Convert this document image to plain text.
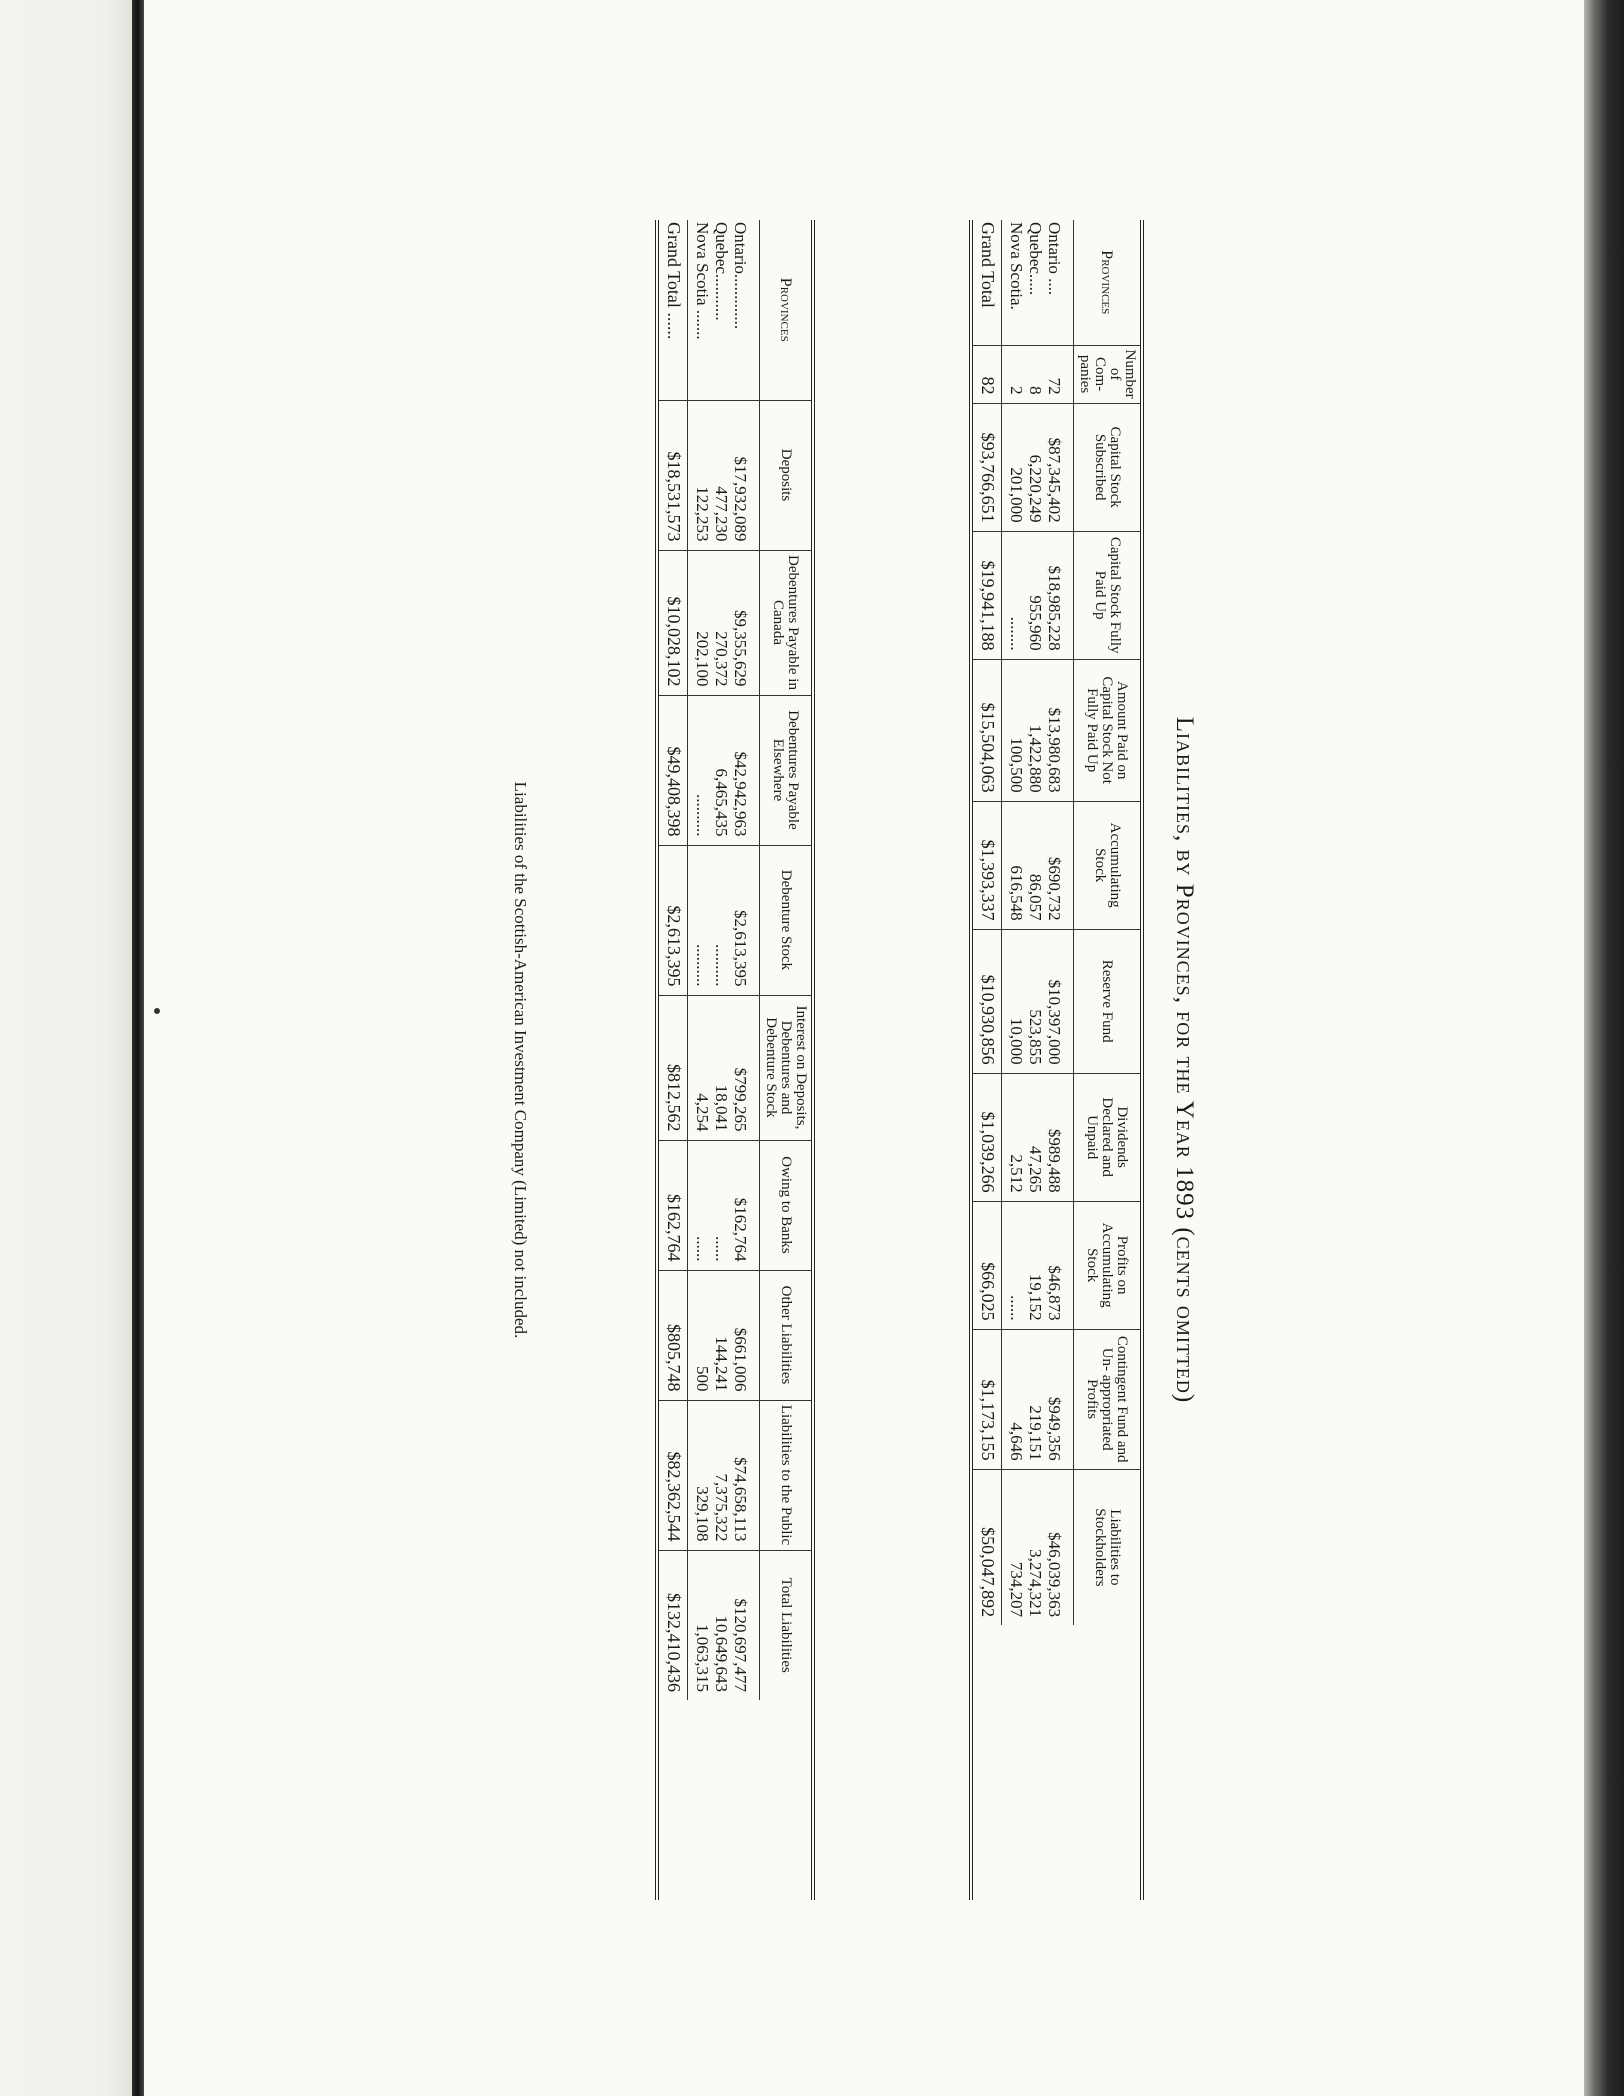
Liabilities, by Provinces, for the Year 1893 (cents omitted)
Provinces	Number of Com- panies	Capital Stock Subscribed	Capital Stock Fully Paid Up	Amount Paid on Capital Stock Not Fully Paid Up	Accumulating Stock	Reserve Fund	Dividends Declared and Unpaid	Profits on Accumulating Stock	Contingent Fund and Un- appropriated Profits	Liabilities to Stockholders
Ontario ....	72	$87,345,402	$18,985,228	$13,980,683	$690,732	$10,397,000	$989,488	$46,873	$949,356	$46,039,363
Quebec.....	8	6,220,249	955,960	1,422,880	86,057	523,855	47,265	19,152	219,151	3,274,321
Nova Scotia.	2	201,000	........	100,500	616,548	10,000	2,512	......	4,646	734,207
Grand Total	82	$93,766,651	$19,941,188	$15,504,063	$1,393,337	$10,930,856	$1,039,266	$66,025	$1,173,155	$50,047,892
Provinces	Deposits	Debentures Payable in Canada	Debentures Payable Elsewhere	Debenture Stock	Interest on Deposits, Debentures and Debenture Stock	Owing to Banks	Other Liabilities	Liabilities to the Public	Total Liabilities
Ontario.............	$17,932,089	$9,355,629	$42,942,963	$2,613,395	$799,265	$162,764	$661,006	$74,658,113	$120,697,477
Quebec...........	477,230	270,372	6,465,435	..........	18,041	......	144,241	7,375,322	10,649,643
Nova Scotia .......	122,253	202,100	..........	..........	4,254	......	500	329,108	1,063,315
Grand Total ......	$18,531,573	$10,028,102	$49,408,398	$2,613,395	$812,562	$162,764	$805,748	$82,362,544	$132,410,436
Liabilities of the Scottish-American Investment Company (Limited) not included.
